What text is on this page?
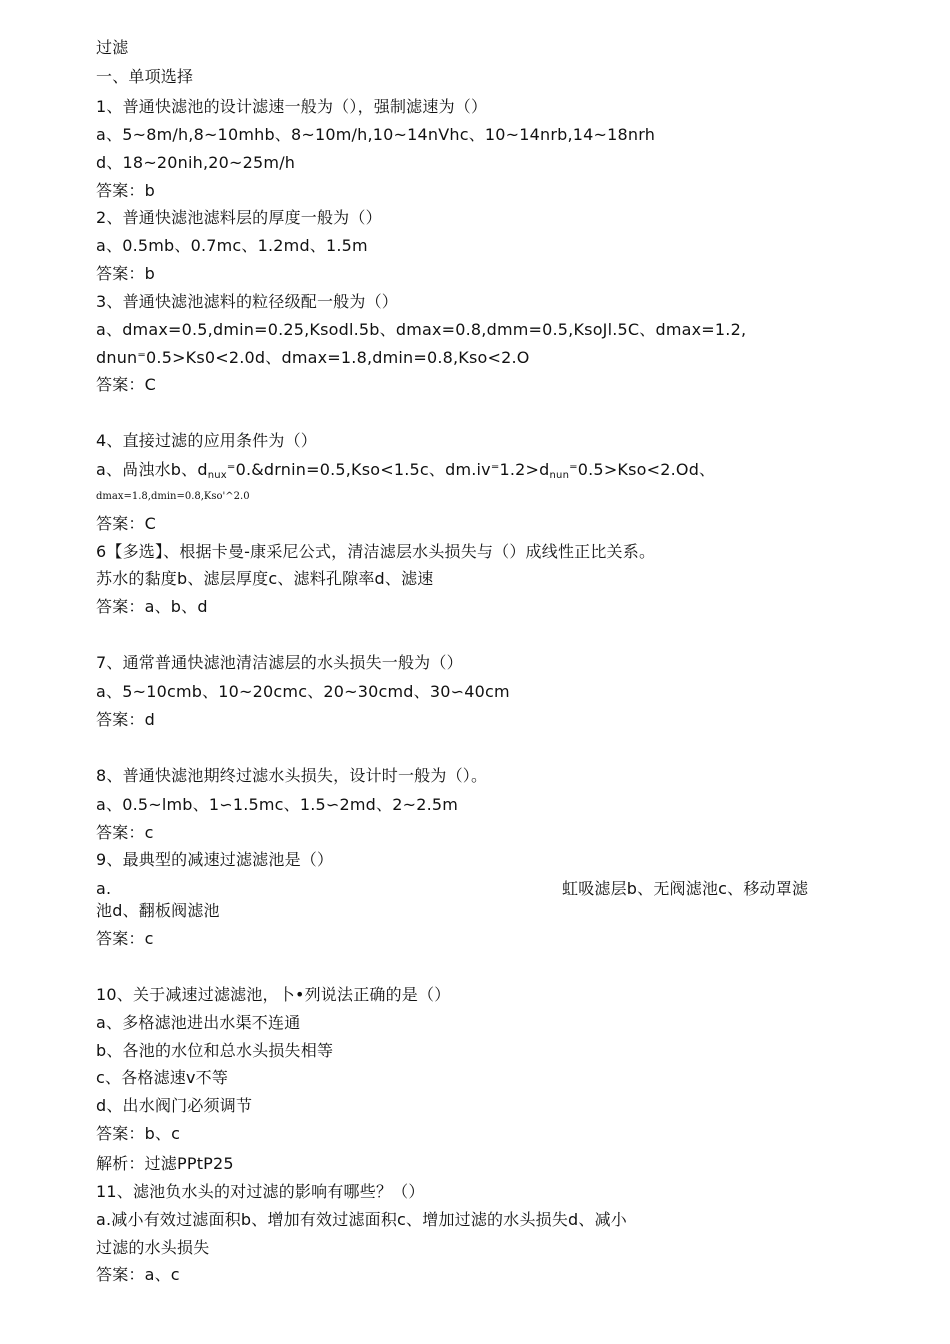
过滤
一、单项选择
1、普通快滤池的设计滤速一般为（），强制滤速为（）
a、5~8m/h,8~10mhb、8~10m/h,10~14nVhc、10~14nrb,14~18nrh
d、18~20nih,20~25m/h
答案：b
2、普通快滤池滤料层的厚度一般为（）
a、0.5mb、0.7mc、1.2md、1.5m
答案：b
3、普通快滤池滤料的粒径级配一般为（）
a、dmax=0.5,dmin=0.25,Ksodl.5b、dmax=0.8,dmm=0.5,KsoJl.5C、dmax=1.2,
dnun⁼0.5>Ks0<2.0d、dmax=1.8,dmin=0.8,Kso<2.O
答案：C
4、直接过滤的应用条件为（）
a、咼浊水b、$d_{nux}^=0.\&drnin=0.5,Kso<1.5c$、$dm.iv^=1.2>d_{nun}^=0.5>Kso<2.Od$、
dmax=1.8,dmin=0.8,Kso'^2.0
答案：C
6【多选】、根据卡曼-康采尼公式，清洁滤层水头损失与（）成线性正比关系。
苏水的黏度b、滤层厚度c、滤料孔隙率d、滤速
答案：a、b、d
7、通常普通快滤池清洁滤层的水头损失一般为（）
a、5~10cmb、10~20cmc、20~30cmd、30∽40cm
答案：d
8、普通快滤池期终过滤水头损失，设计时一般为（）。
a、0.5~lmb、1∽1.5mc、1.5∽2md、2~2.5m
答案：c
9、最典型的减速过滤滤池是（）
a.	虹吸滤层b、无阀滤池c、移动罩滤
池d、翻板阀滤池
答案：c
10、关于减速过滤滤池，卜•列说法正确的是（）
a、多格滤池进出水渠不连通
b、各池的水位和总水头损失相等
c、各格滤速v不等
d、出水阀门必须调节
答案：b、c
解析：过滤PPtP25
11、滤池负水头的对过滤的影响有哪些？（）
a.减小有效过滤面积b、增加有效过滤面积c、增加过滤的水头损失d、减小
过滤的水头损失
答案：a、c
